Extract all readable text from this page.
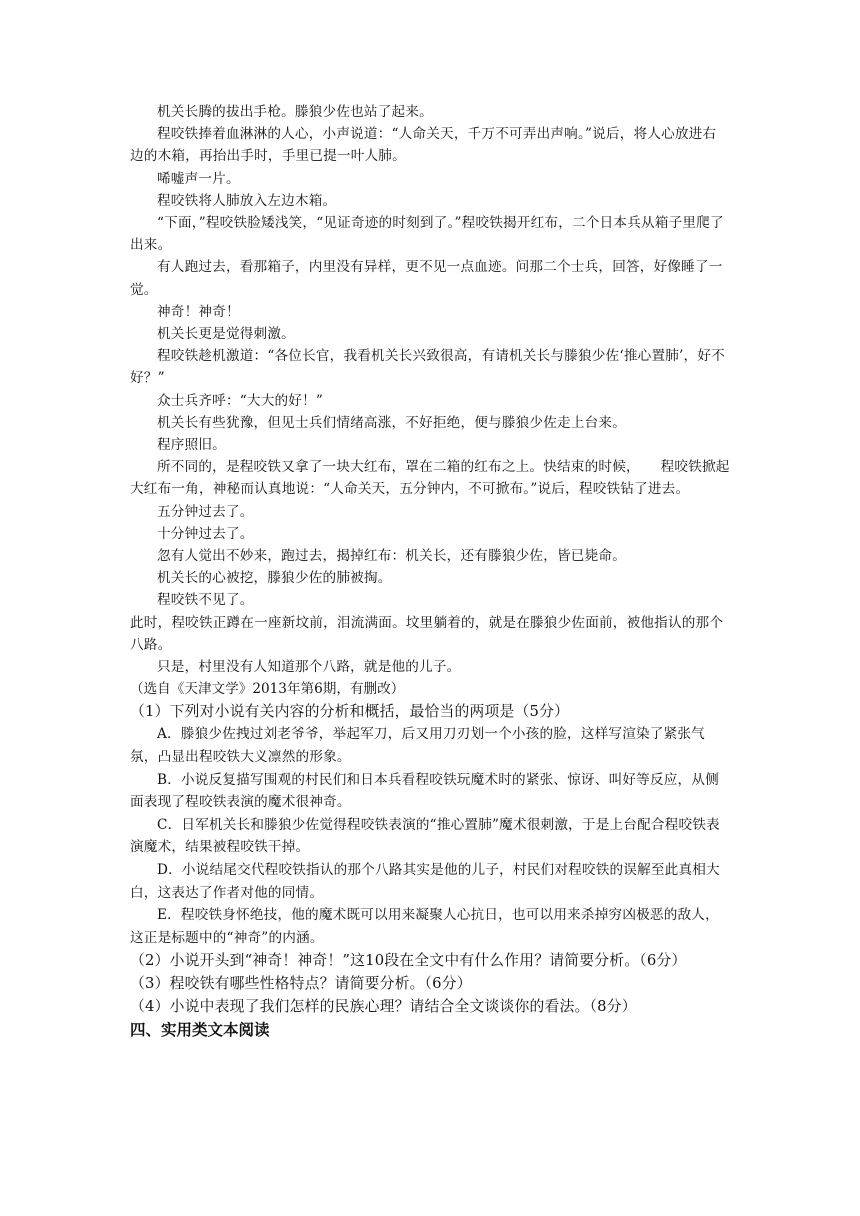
机关长腾的拔出手枪。滕狼少佐也站了起来。

程咬铁捧着血淋淋的人心，小声说道：“人命关天，千万不可弄出声响。”说后，将人心放进右边的木箱，再抬出手时，手里已提一叶人肺。

唏嘘声一片。

程咬铁将人肺放入左边木箱。

“下面，”程咬铁脸矮浅笑，“见证奇迹的时刻到了。”程咬铁揭开红布，二个日本兵从箱子里爬了出来。

有人跑过去，看那箱子，内里没有异样，更不见一点血迹。问那二个士兵，回答，好像睡了一觉。

神奇！神奇！

机关长更是觉得刺激。

程咬铁趁机激道：“各位长官，我看机关长兴致很高，有请机关长与滕狼少佐‘推心置肺’，好不好？”

众士兵齐呼：“大大的好！”

机关长有些犹豫，但见士兵们情绪高涨，不好拒绝，便与滕狼少佐走上台来。

程序照旧。

所不同的，是程咬铁又拿了一块大红布，罩在二箱的红布之上。快结束的时候，　　程咬铁掀起大红布一角，神秘而认真地说：“人命关天，五分钟内，不可掀布。”说后，程咬铁钻了进去。

五分钟过去了。

十分钟过去了。

忽有人觉出不妙来，跑过去，揭掉红布：机关长，还有滕狼少佐，皆已毙命。

机关长的心被挖，滕狼少佐的肺被掏。

程咬铁不见了。

此时，程咬铁正蹲在一座新坟前，泪流满面。坟里躺着的，就是在滕狼少佐面前，被他指认的那个八路。

只是，村里没有人知道那个八路，就是他的儿子。

（选自《天津文学》2013年第6期，有删改）

（1）下列对小说有关内容的分析和概括，最恰当的两项是（5分）

A．滕狼少佐拽过刘老爷爷，举起军刀，后又用刀刃划一个小孩的脸，这样写渲染了紧张气氛，凸显出程咬铁大义凛然的形象。

B．小说反复描写围观的村民们和日本兵看程咬铁玩魔术时的紧张、惊讶、叫好等反应，从侧面表现了程咬铁表演的魔术很神奇。

C．日军机关长和滕狼少佐觉得程咬铁表演的“推心置肺”魔术很刺激，于是上台配合程咬铁表演魔术，结果被程咬铁干掉。

D．小说结尾交代程咬铁指认的那个八路其实是他的儿子，村民们对程咬铁的误解至此真相大白，这表达了作者对他的同情。

E．程咬铁身怀绝技，他的魔术既可以用来凝聚人心抗日，也可以用来杀掉穷凶极恶的敌人，这正是标题中的“神奇”的内涵。

（2）小说开头到“神奇！神奇！”这10段在全文中有什么作用？请简要分析。（6分）

（3）程咬铁有哪些性格特点？请简要分析。（6分）

（4）小说中表现了我们怎样的民族心理？请结合全文谈谈你的看法。（8分）

四、实用类文本阅读
